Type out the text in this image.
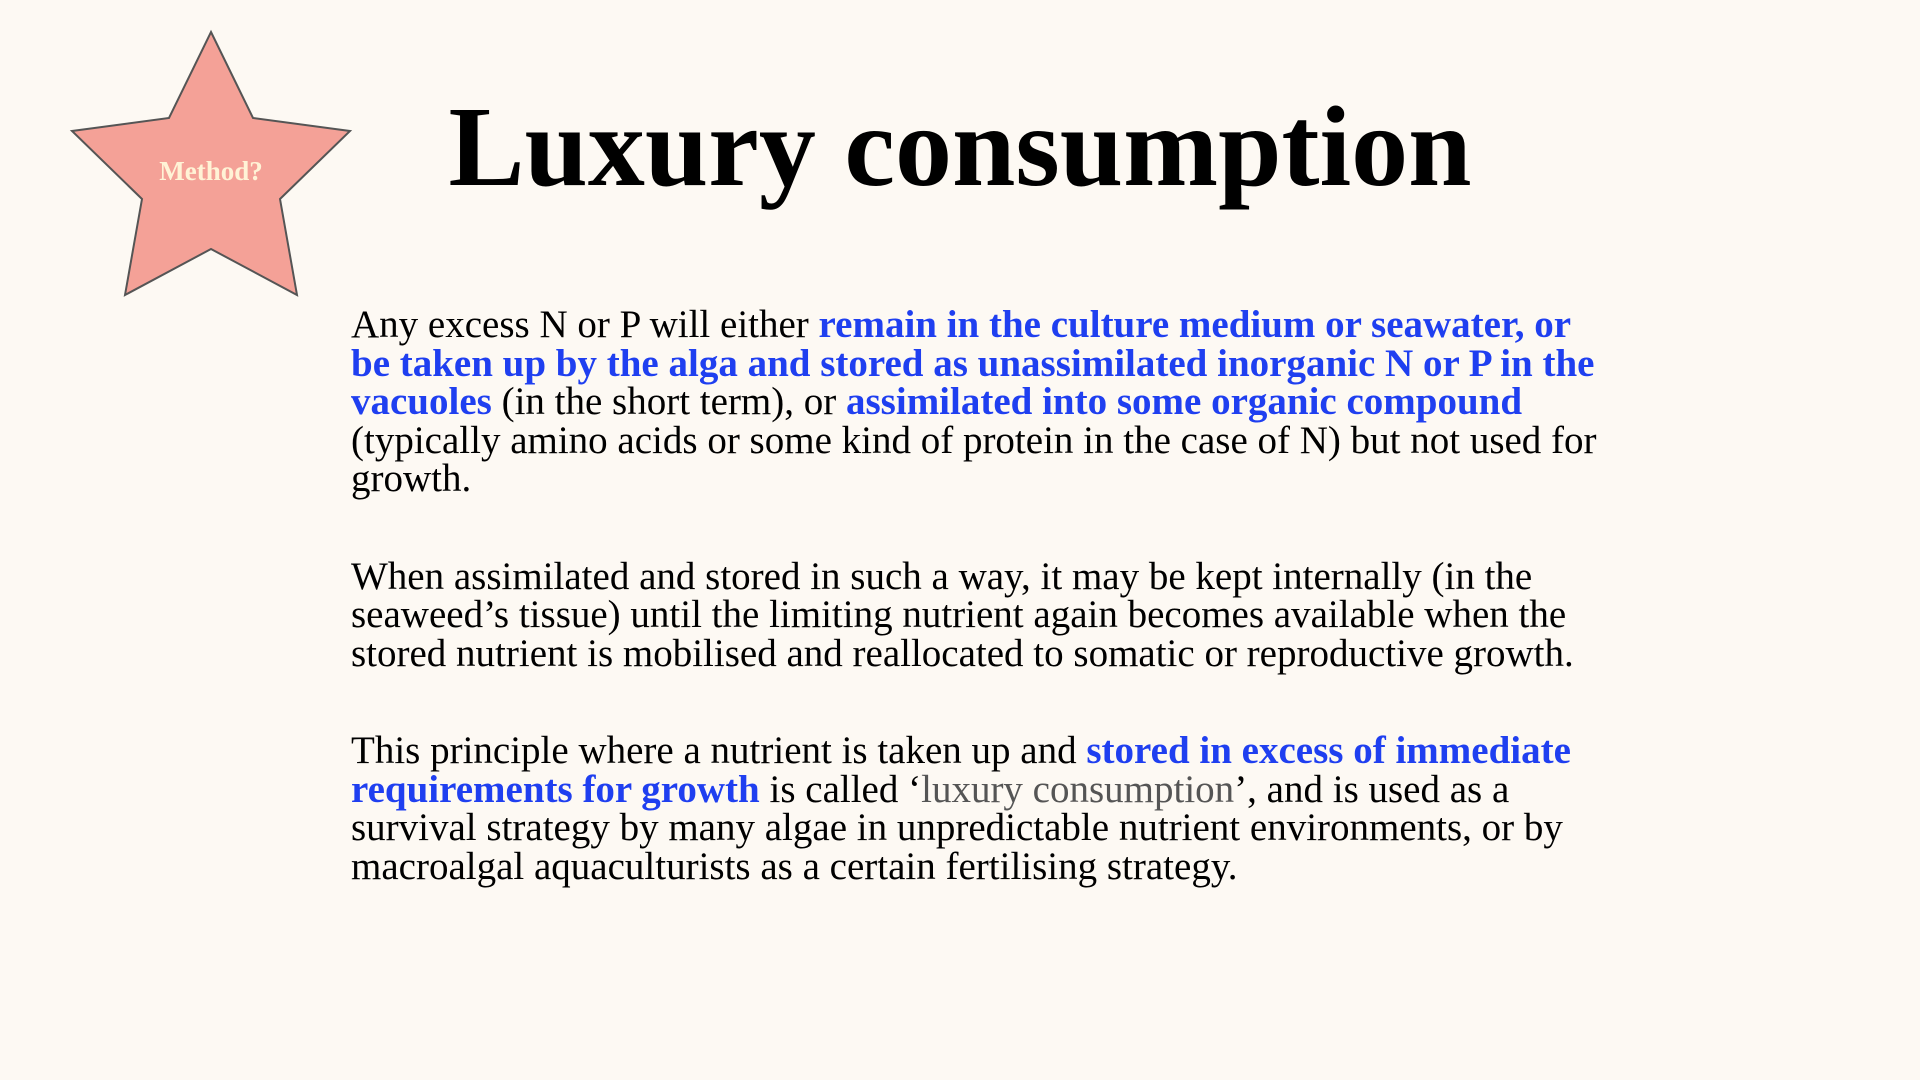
Method?	Luxury consumption

Any excess N or P will either remain in the culture medium or seawater, or be taken up by the alga and stored as unassimilated inorganic N or P in the vacuoles (in the short term), or assimilated into some organic compound (typically amino acids or some kind of protein in the case of N) but not used for growth.

When assimilated and stored in such a way, it may be kept internally (in the seaweed’s tissue) until the limiting nutrient again becomes available when the stored nutrient is mobilised and reallocated to somatic or reproductive growth.

This principle where a nutrient is taken up and stored in excess of immediate requirements for growth is called ‘luxury consumption’, and is used as a survival strategy by many algae in unpredictable nutrient environments, or by macroalgal aquaculturists as a certain fertilising strategy.
